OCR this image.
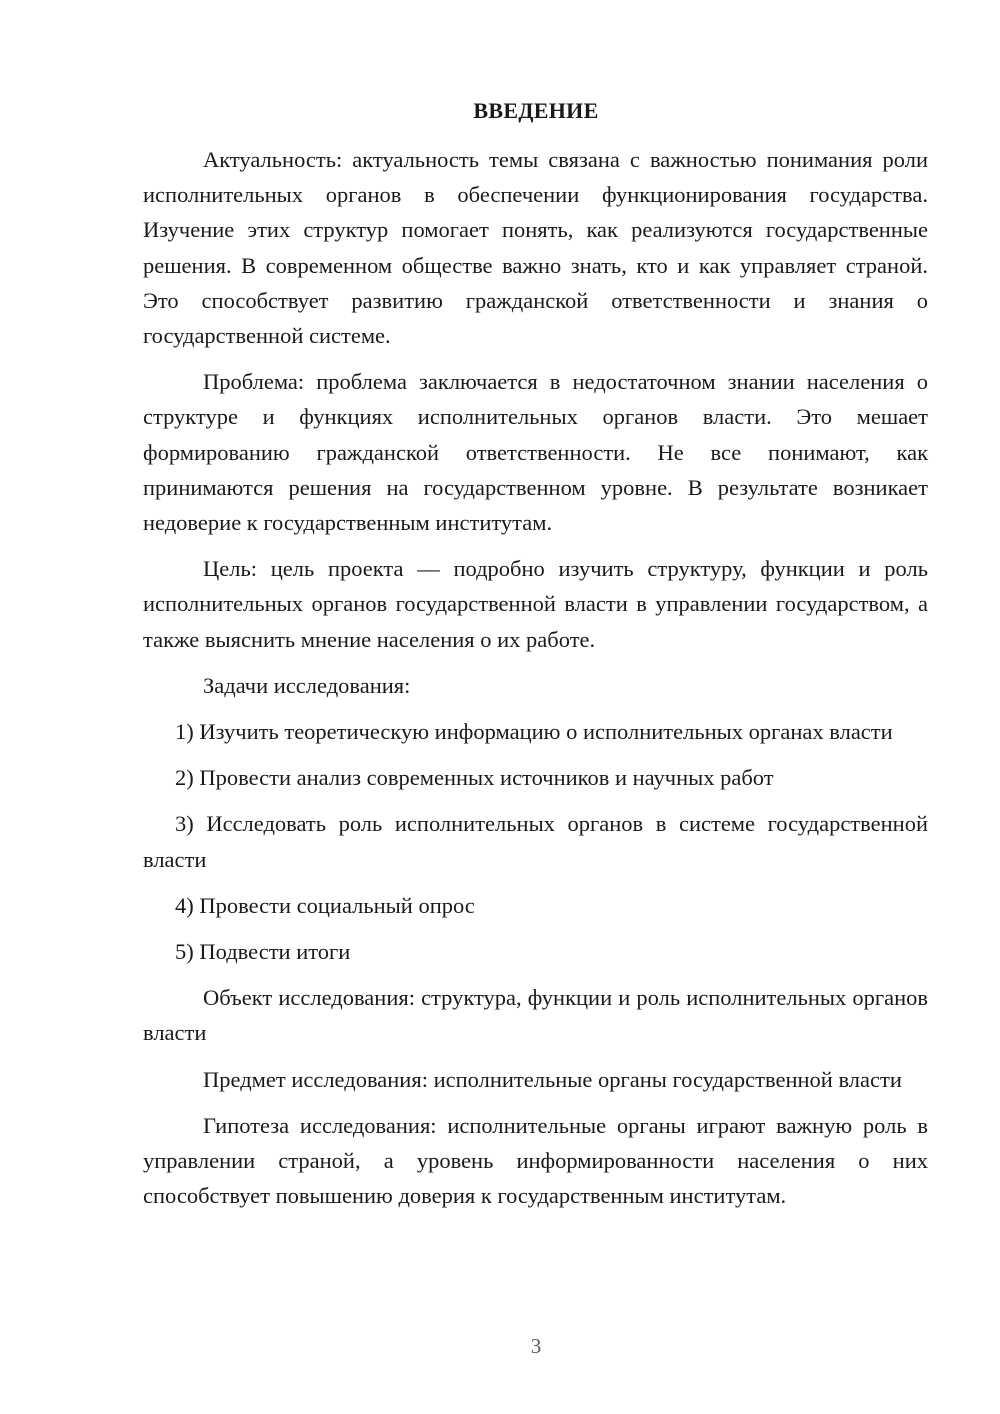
ВВЕДЕНИЕ

Актуальность: актуальность темы связана с важностью понимания роли исполнительных органов в обеспечении функционирования государства. Изучение этих структур помогает понять, как реализуются государственные решения. В современном обществе важно знать, кто и как управляет страной. Это способствует развитию гражданской ответственности и знания о государственной системе.

Проблема: проблема заключается в недостаточном знании населения о структуре и функциях исполнительных органов власти. Это мешает формированию гражданской ответственности. Не все понимают, как принимаются решения на государственном уровне. В результате возникает недоверие к государственным институтам.

Цель: цель проекта — подробно изучить структуру, функции и роль исполнительных органов государственной власти в управлении государством, а также выяснить мнение населения о их работе.

Задачи исследования:

1) Изучить теоретическую информацию о исполнительных органах власти

2) Провести анализ современных источников и научных работ

3) Исследовать роль исполнительных органов в системе государственной власти

4) Провести социальный опрос

5) Подвести итоги

Объект исследования: структура, функции и роль исполнительных органов власти

Предмет исследования: исполнительные органы государственной власти

Гипотеза исследования: исполнительные органы играют важную роль в управлении страной, а уровень информированности населения о них способствует повышению доверия к государственным институтам.

3
